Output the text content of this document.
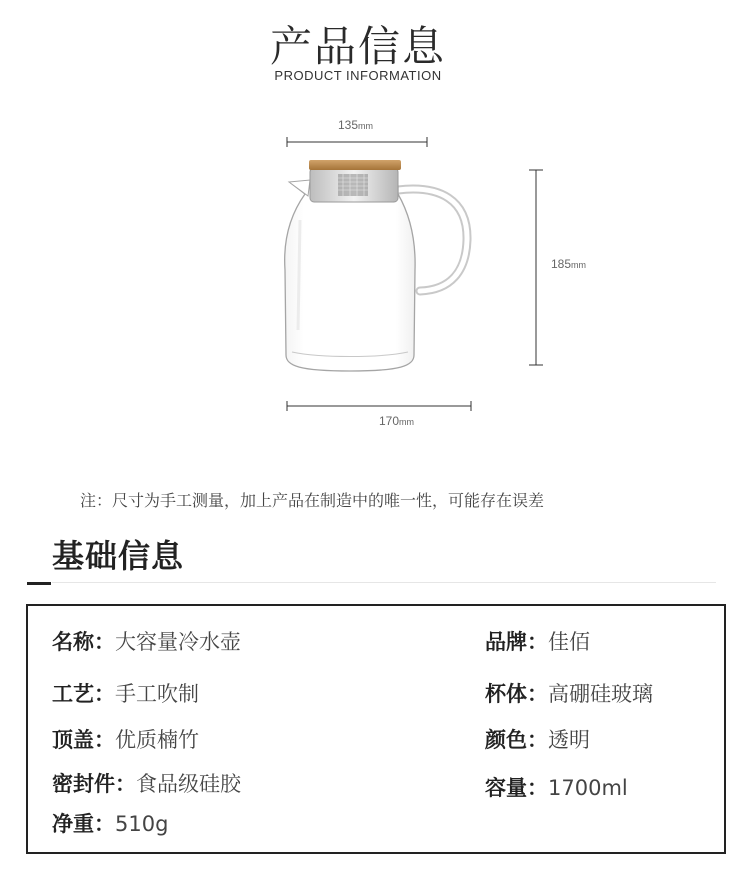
产品信息
PRODUCT INFORMATION
135mm
185mm
170mm
注：尺寸为手工测量，加上产品在制造中的唯一性，可能存在误差
基础信息
名称：大容量冷水壶	品牌：佳佰
工艺：手工吹制	杯体：高硼硅玻璃
顶盖：优质楠竹	颜色：透明
密封件：食品级硅胶	容量：1700ml
净重：510g
